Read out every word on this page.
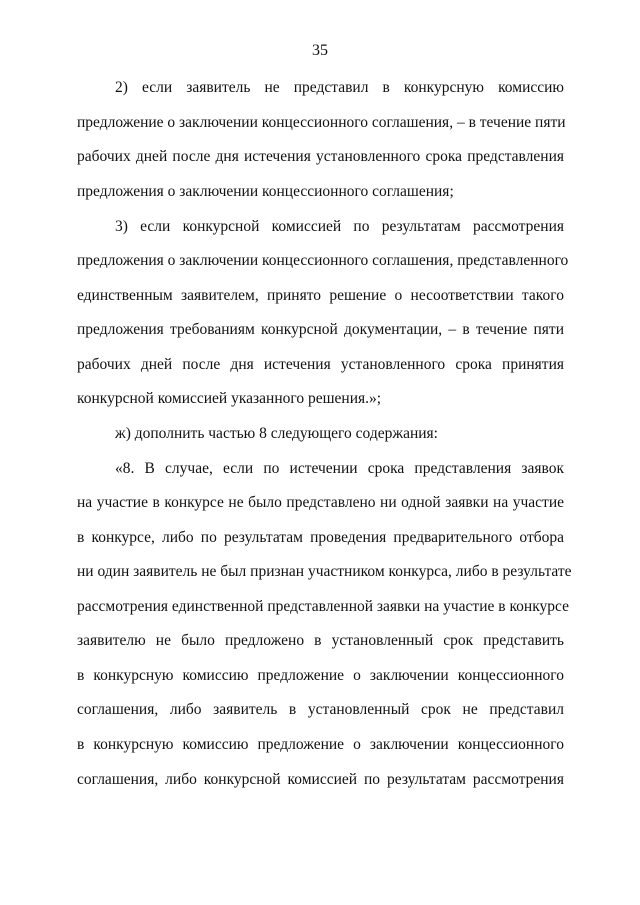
35
2) если заявитель не представил в конкурсную комиссию
предложение о заключении концессионного соглашения, – в течение пяти
рабочих дней после дня истечения установленного срока представления
предложения о заключении концессионного соглашения;
3) если конкурсной комиссией по результатам рассмотрения
предложения о заключении концессионного соглашения, представленного
единственным заявителем, принято решение о несоответствии такого
предложения требованиям конкурсной документации, – в течение пяти
рабочих дней после дня истечения установленного срока принятия
конкурсной комиссией указанного решения.»;
ж) дополнить частью 8 следующего содержания:
«8. В случае, если по истечении срока представления заявок
на участие в конкурсе не было представлено ни одной заявки на участие
в конкурсе, либо по результатам проведения предварительного отбора
ни один заявитель не был признан участником конкурса, либо в результате
рассмотрения единственной представленной заявки на участие в конкурсе
заявителю не было предложено в установленный срок представить
в конкурсную комиссию предложение о заключении концессионного
соглашения, либо заявитель в установленный срок не представил
в конкурсную комиссию предложение о заключении концессионного
соглашения, либо конкурсной комиссией по результатам рассмотрения
